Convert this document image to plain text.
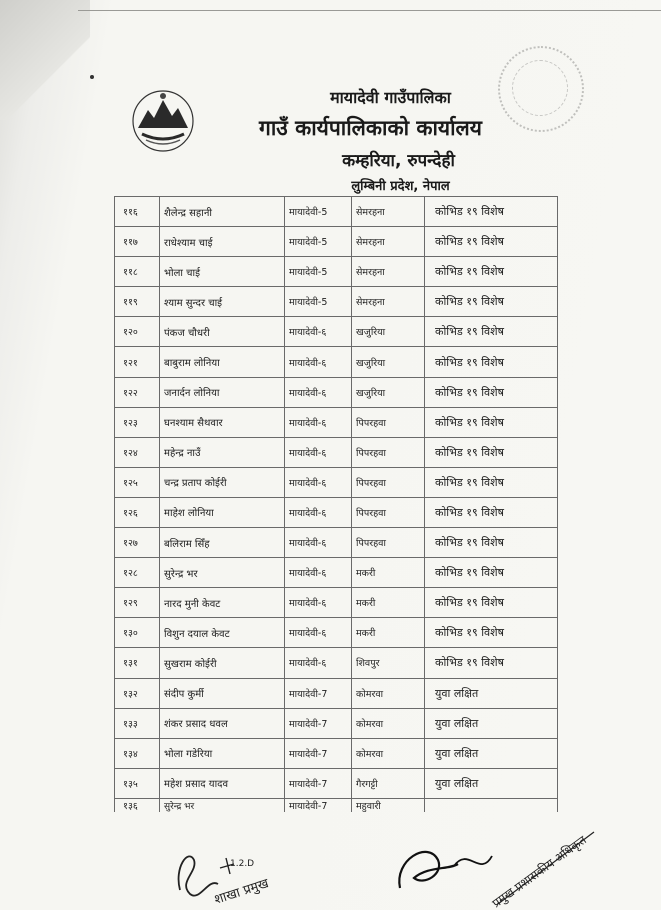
मायादेवी गाउँपालिका
गाउँ कार्यपालिकाको कार्यालय
कम्हरिया, रुपन्देही
लुम्बिनी प्रदेश, नेपाल
११६	शैलेन्द्र सहानी	मायादेवी-5	सेमरहना	कोभिड १९ विशेष
११७	राधेश्याम चाई	मायादेवी-5	सेमरहना	कोभिड १९ विशेष
११८	भोला चाई	मायादेवी-5	सेमरहना	कोभिड १९ विशेष
११९	श्याम सुन्दर चाई	मायादेवी-5	सेमरहना	कोभिड १९ विशेष
१२०	पंकज चौधरी	मायादेवी-६	खजुरिया	कोभिड १९ विशेष
१२१	बाबुराम लोनिया	मायादेवी-६	खजुरिया	कोभिड १९ विशेष
१२२	जनार्दन लोनिया	मायादेवी-६	खजुरिया	कोभिड १९ विशेष
१२३	घनश्याम सैथवार	मायादेवी-६	पिपरहवा	कोभिड १९ विशेष
१२४	महेन्द्र नाउँ	मायादेवी-६	पिपरहवा	कोभिड १९ विशेष
१२५	चन्द्र प्रताप कोईरी	मायादेवी-६	पिपरहवा	कोभिड १९ विशेष
१२६	माहेश लोनिया	मायादेवी-६	पिपरहवा	कोभिड १९ विशेष
१२७	बलिराम सिँह	मायादेवी-६	पिपरहवा	कोभिड १९ विशेष
१२८	सुरेन्द्र भर	मायादेवी-६	मकरी	कोभिड १९ विशेष
१२९	नारद मुनी केवट	मायादेवी-६	मकरी	कोभिड १९ विशेष
१३०	विशुन दयाल केवट	मायादेवी-६	मकरी	कोभिड १९ विशेष
१३१	सुखराम कोईरी	मायादेवी-६	शिवपुर	कोभिड १९ विशेष
१३२	संदीप कुर्मी	मायादेवी-7	कोमरवा	युवा लक्षित
१३३	शंकर प्रसाद धवल	मायादेवी-7	कोमरवा	युवा लक्षित
१३४	भोला गडेरिया	मायादेवी-7	कोमरवा	युवा लक्षित
१३५	महेश प्रसाद यादव	मायादेवी-7	गैरगट्टी	युवा लक्षित
१३६	सुरेन्द्र भर	मायादेवी-7	महुवारी	
1.2.D
शाखा प्रमुख	प्रमुख प्रशासकीय अधिकृत
